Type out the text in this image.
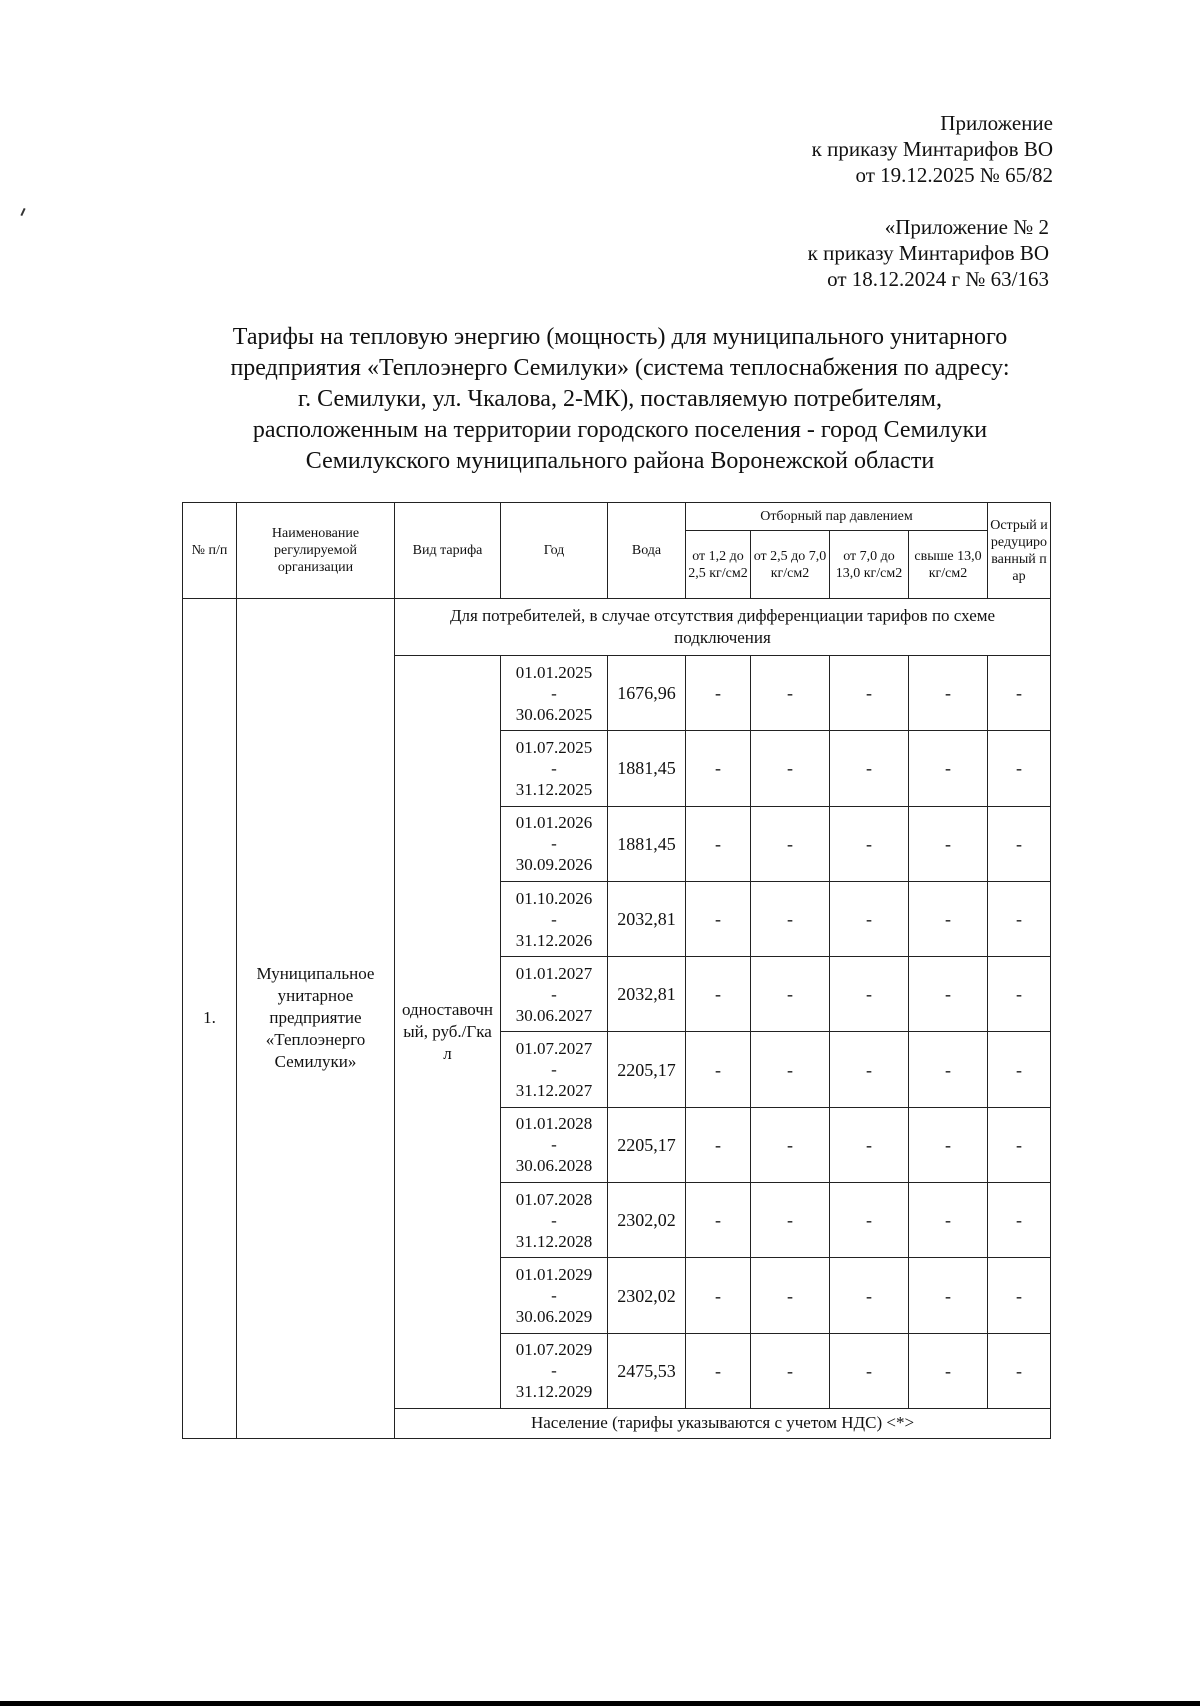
Приложение
к приказу Минтарифов ВО
от 19.12.2025 № 65/82
«Приложение № 2
к приказу Минтарифов ВО
от 18.12.2024 г № 63/163
Тарифы на тепловую энергию (мощность) для муниципального унитарного
предприятия «Теплоэнерго Семилуки» (система теплоснабжения по адресу:
г. Семилуки, ул. Чкалова, 2-МК), поставляемую потребителям,
расположенным на территории городского поселения - город Семилуки
Семилукского муниципального района Воронежской области
№ п/п	Наименование регулируемой организации	Вид тарифа	Год	Вода	Отборный пар давлением				Острый и редуцированный пар
					от 1,2 до 2,5 кг/см2	от 2,5 до 7,0 кг/см2	от 7,0 до 13,0 кг/см2	свыше 13,0 кг/см2	
1.	Муниципальное унитарное предприятие «Теплоэнерго Семилуки»	Для потребителей, в случае отсутствия дифференциации тарифов по схеме подключения							
		одноставочный, руб./Гкал	01.01.2025
-
30.06.2025	1676,96	-	-	-	-	-

			01.07.2025
-
31.12.2025	1881,45	-	-	-	-	-

			01.01.2026
-
30.09.2026	1881,45	-	-	-	-	-

			01.10.2026
-
31.12.2026	2032,81	-	-	-	-	-

			01.01.2027
-
30.06.2027	2032,81	-	-	-	-	-

			01.07.2027
-
31.12.2027	2205,17	-	-	-	-	-

			01.01.2028
-
30.06.2028	2205,17	-	-	-	-	-

			01.07.2028
-
31.12.2028	2302,02	-	-	-	-	-

			01.01.2029
-
30.06.2029	2302,02	-	-	-	-	-

			01.07.2029
-
31.12.2029	2475,53	-	-	-	-	-
		Население (тарифы указываются с учетом НДС) <*>							
